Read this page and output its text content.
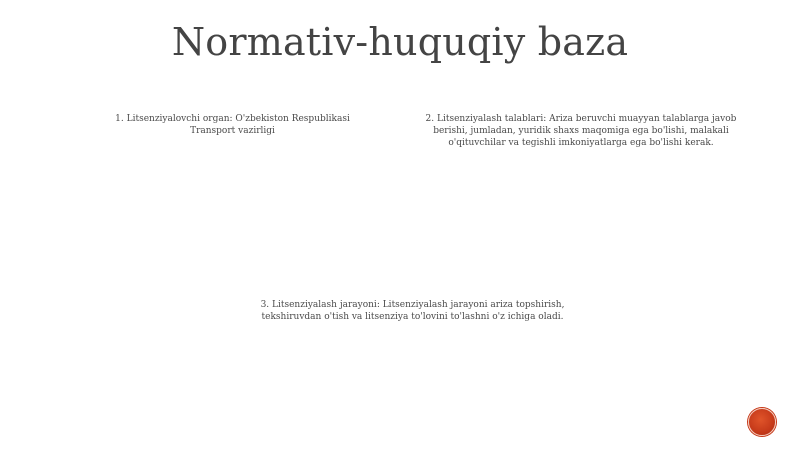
Normativ-huquqiy baza

1. Litsenziyalovchi organ: O'zbekiston Respublikasi Transport vazirligi

2. Litsenziyalash talablari: Ariza beruvchi muayyan talablarga javob berishi, jumladan, yuridik shaxs maqomiga ega bo'lishi, malakali o'qituvchilar va tegishli imkoniyatlarga ega bo'lishi kerak.

3. Litsenziyalash jarayoni: Litsenziyalash jarayoni ariza topshirish, tekshiruvdan o'tish va litsenziya to'lovini to'lashni o'z ichiga oladi.
